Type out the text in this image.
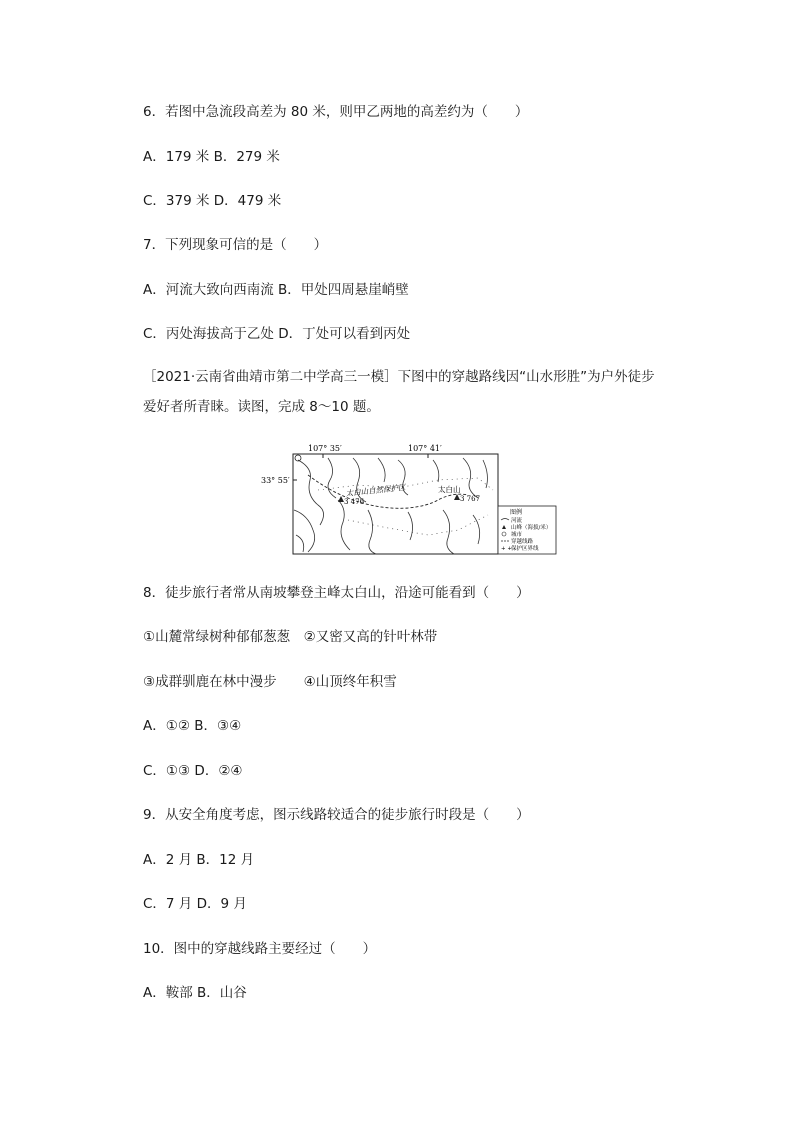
6．若图中急流段高差为 80 米，则甲乙两地的高差约为（　　）
A．179 米 B．279 米
C．379 米 D．479 米
7．下列现象可信的是（　　）
A．河流大致向西南流 B．甲处四周悬崖峭壁
C．丙处海拔高于乙处 D．丁处可以看到丙处
［2021·云南省曲靖市第二中学高三一模］下图中的穿越路线因“山水形胜”为户外徒步爱好者所青睐。读图，完成 8～10 题。
107° 35′	107° 41′
33° 55′
3 476	3 767
太白山
太白山自然保护区
图例
河流
山峰（海拔/米）
城市
穿越线路
+ + 保护区界线
8．徒步旅行者常从南坡攀登主峰太白山，沿途可能看到（　　）
①山麓常绿树种郁郁葱葱　②又密又高的针叶林带
③成群驯鹿在林中漫步　　④山顶终年积雪
A．①② B．③④
C．①③ D．②④
9．从安全角度考虑，图示线路较适合的徒步旅行时段是（　　）
A．2 月 B．12 月
C．7 月 D．9 月
10．图中的穿越线路主要经过（　　）
A．鞍部 B．山谷
